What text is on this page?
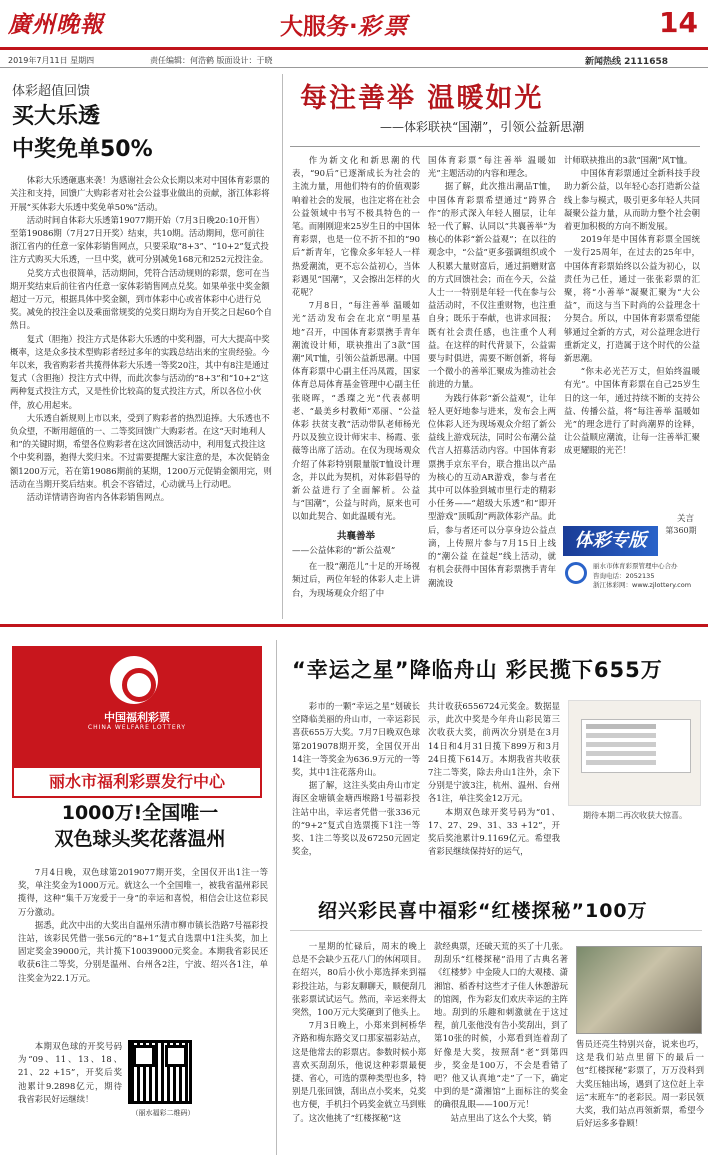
廣州晚報	大服务·彩票	14
2019年7月11日 星期四	责任编辑：何浩鹤 版面设计：于晓	新闻热线 2111658
体彩超值回馈
买大乐透
中奖免单50%

体彩大乐透砸惠来袭！为感谢社会公众长期以来对中国体育彩票的关注和支持，回馈广大购彩者对社会公益事业做出的贡献，浙江体彩将开展“买体彩大乐透中奖免单50%”活动。

活动时间自体彩大乐透第19077期开始（7月3日晚20:10开售）至第19086期（7月27日开奖）结束，共10期。活动期间，您可前往浙江省内的任意一家体彩销售网点，只要采取“8+3”、“10+2”复式投注方式购买大乐透，一旦中奖，就可分别减免168元和252元投注金。

兑奖方式也很简单，活动期间，凭符合活动规则的彩票，您可在当期开奖结束后前往省内任意一家体彩销售网点兑奖。如果单张中奖金额超过一万元，根据具体中奖金额，到市体彩中心或省体彩中心进行兑奖。减免的投注金以及乘面常规奖的兑奖日期均为自开奖之日起60个自然日。

复式（胆拖）投注方式是体彩大乐透的中奖利器，可大大提高中奖概率，这是众多技术型购彩者经过多年的实践总结出来的宝贵经验。今年以来，我省购彩者共揽得体彩大乐透一等奖20注，其中有8注是通过复式（含胆拖）投注方式中得，而此次参与活动的“8+3”和“10+2”这两种复式投注方式，又是性价比较高的复式投注方式，所以各位小伙伴，放心用起来。

大乐透自新规则上市以来，受到了购彩者的热烈追捧。大乐透也不负众望，不断用超值的一、二等奖回馈广大购彩者。在这“天时地利人和”的关键时期，希望各位购彩者在这次回馈活动中，利用复式投注这个中奖利器，抱得大奖归来。不过需要提醒大家注意的是，本次促销金额1200万元，若在第19086期前的某期，1200万元促销金额用完，则活动在当期开奖后结束。机会不容错过，心动就马上行动吧。

活动详情请咨询省内各体彩销售网点。

每注善举 温暖如光
——体彩联袂“国潮”，引领公益新思潮

作为新文化和新思潮的代表，“90后”已逐渐成长为社会的主流力量，用他们特有的价值观影响着社会的发展，也注定将在社会公益领域中书写不极具特色的一笔。而刚刚迎来25岁生日的中国体育彩票，也是一位不折不扣的“90后”新青年，它像众多年轻人一样热爱潮流，更不忘公益初心，当体彩遇见“国潮”，又会擦出怎样的火花呢？

7月8日，“每注善举 温暖如光”活动发布会在北京“明星基地”召开，中国体育彩票携手青年潮流设计师，联袂推出了3款“国潮”风T恤，引领公益新思潮。中国体育彩票中心副主任冯凤霞，国家体育总局体育基金管理中心副主任张晓晖，“悉璨之光”代表郝明老、“最美乡村教师”邓丽、“公益体彩 扶贫支教”活动带队老师杨光丹以及独立设计师宋丰、杨霞、张薇等出席了活动。在仅为现场观众介绍了体彩特别限量版T恤设计理念，并以此为契机，对体彩倡导的新公益进行了全面解析。公益与“国潮”，公益与时尚，原来也可以如此契合、如此温暖有光。

共襄善举

——公益体彩的“新公益观”

在一股“潮范儿”十足的开场视频过后，两位年轻的体彩人走上讲台，为现场观众介绍了中

国体育彩票“每注善举 温暖如光”主题活动的内容和理念。

据了解，此次推出潮品T恤，中国体育彩票希望通过“跨界合作”的形式深入年轻人圈层，让年轻一代了解、认同以“共襄善举”为核心的体彩“新公益观”；在以往的观念中，“公益”更多强调组织或个人积累大量财富后，通过捐赠财富的方式回馈社会；而在今天，公益人士一一特别是年轻一代在参与公益活动时，不仅注重财物，也注重自身；既乐于奉献，也讲求回报；既有社会责任感，也注重个人利益。在这样的时代背景下，公益需要与时俱进，需要不断创新，将每一个微小的善举汇聚成为推动社会前进的力量。

为践行体彩“新公益观”，让年轻人更好地参与进来，发布会上两位体彩人还为现场观众介绍了新公益线上游戏玩法，同时公布潮公益代言人招募活动内容。中国体育彩票携手京东平台，联合推出以产品为核心的互动AR游戏，参与者在其中可以体验到城市里行走的精彩小任务——“超级大乐透”和“即开型游戏”顶呱刮“两款体彩产品。此后，参与者还可以分享身边公益点滴，上传照片参与7月15日上线的“潮公益 在益起”线上活动，就有机会获得中国体育彩票携手青年潮流设

计师联袂推出的3款“国潮”风T恤。

中国体育彩票通过全新科技手段助力新公益，以年轻心态打造新公益线上参与模式，吸引更多年轻人共同凝聚公益力量，从而助力整个社会朝着更加积极的方向不断发展。

2019年是中国体育彩票全国统一发行25周年，在过去的25年中，中国体育彩票始终以公益为初心，以责任为己任，通过一张张彩票的汇聚，将“小善举”凝聚汇聚为“大公益”，而这与当下时尚的公益理念十分契合。所以，中国体育彩票希望能够通过全新的方式，对公益理念进行重新定义，打造属于这个时代的公益新思潮。

“你未必光芒万丈，但始终温暖有光”。中国体育彩票在自己25岁生日的这一年，通过持续不断的支持公益、传播公益，将“每注善举 温暖如光”的理念进行了时尚潮界的诠释，让公益顺应潮流，让每一注善举汇聚成更耀眼的光芒！

关言
体彩专版	第360期
丽水市体育彩票管理中心合办
咨询电话：2052135
浙江体彩网：www.zjlottery.com
中国福利彩票
CHINA WELFARE LOTTERY
丽水市福利彩票发行中心
1000万!全国唯一
双色球头奖花落温州

7月4日晚，双色球第2019077期开奖，全国仅开出1注一等奖，单注奖金为1000万元。就这么一个全国唯一，被我省温州彩民揽得，这种“集千万宠爱于一身”的幸运和喜悦，相信会让这位彩民万分激动。

据悉，此次中出的大奖出自温州乐清市柳市镇长浩路7号福彩投注站，该彩民凭借一张56元的“8+1”复式自选票中1注头奖，加上固定奖金39000元，共计揽下10039000元奖金。本期我省彩民还收获6注二等奖，分别是温州、台州各2注，宁波、绍兴各1注，单注奖金为22.1万元。

本期双色球的开奖号码为“09、11、13、18、21、22 +15”，开奖后奖池累计9.2898亿元，期待我省彩民好运继续！

（丽水福彩二维码）
“幸运之星”降临舟山 彩民揽下655万

彩市的一颗“幸运之星”划破长空降临美丽的舟山市，一幸运彩民喜获655万大奖。7月7日晚双色球第2019078期开奖，全国仅开出14注一等奖金为636.9万元的一等奖，其中1注花落舟山。

据了解，这注头奖由舟山市定海区金塘镇金塘西堠路1号福彩投注站中出，幸运者凭借一张336元的“9+2”复式自选票揽下1注一等奖、1注二等奖以及67250元固定奖金，

共计收获6556724元奖金。数据显示，此次中奖是今年舟山彩民第三次收获大奖，前两次分别是在3月14日和4月31日揽下899万和3月24日揽下614万。本期我省共收获7注二等奖，除去舟山1注外，余下分别是宁波3注，杭州、温州、台州各1注，单注奖金12万元。

本期双色球开奖号码为“01、17、27、29、31、33 +12”，开奖后奖池累计9.1169亿元。希望我省彩民继续保持好的运气，

期待本期二再次收获大惊喜。
绍兴彩民喜中福彩“红楼探秘”100万

一星期的忙碌后，周末的晚上总是不会缺少五花八门的休闲项目。在绍兴，80后小伙小郑选择来到福彩投注站，与彩友聊聊天，顺便刮几张彩票试试运气。然而，幸运来得太突然，100万元大奖砸到了他头上。

7月3日晚上，小郑来到柯桥华齐路和梅东路交叉口那家福彩站点，这是他常去的彩票店。参数时候小郑喜欢买刮刮乐，他说这种彩票最便捷、省心，可选的票种类型也多，特别是几张回馈，刮出点小奖来，兑奖也方便，手机扫个码奖金就立马到账了。这次他挑了“红楼探秘”这

款经典票，还破天荒的买了十几张。刮刮乐“红楼探秘”沿用了古典名著《红楼梦》中金陵人口的大观楼、潇湘馆、稻香村这些才子佳人休憩游玩的馆阁，作为彩友们欢庆幸运的主阵地。刮到的乐趣和刺激就在于这过程，前几张他没有告小奖刮出，到了第10张的时候，小郑看到连着刮了好像是大奖，按照刮“老”到第四步，奖金是100万，不会是看错了吧？他又认真地“走”了一下，确定中到的是“潇湘馆”上面标注的奖金的确很乱眼——100万元！

站点里出了这么个大奖，销

售员还亮生特别兴奋，说来也巧，这是我们站点里留下的最后一包“红楼探秘”彩票了，万万没料到大奖压轴出场，遇到了这位赶上幸运“末班车”的老彩民。周一彩民领大奖，我们站点再领新票，希望今后好运多多眷顾！
